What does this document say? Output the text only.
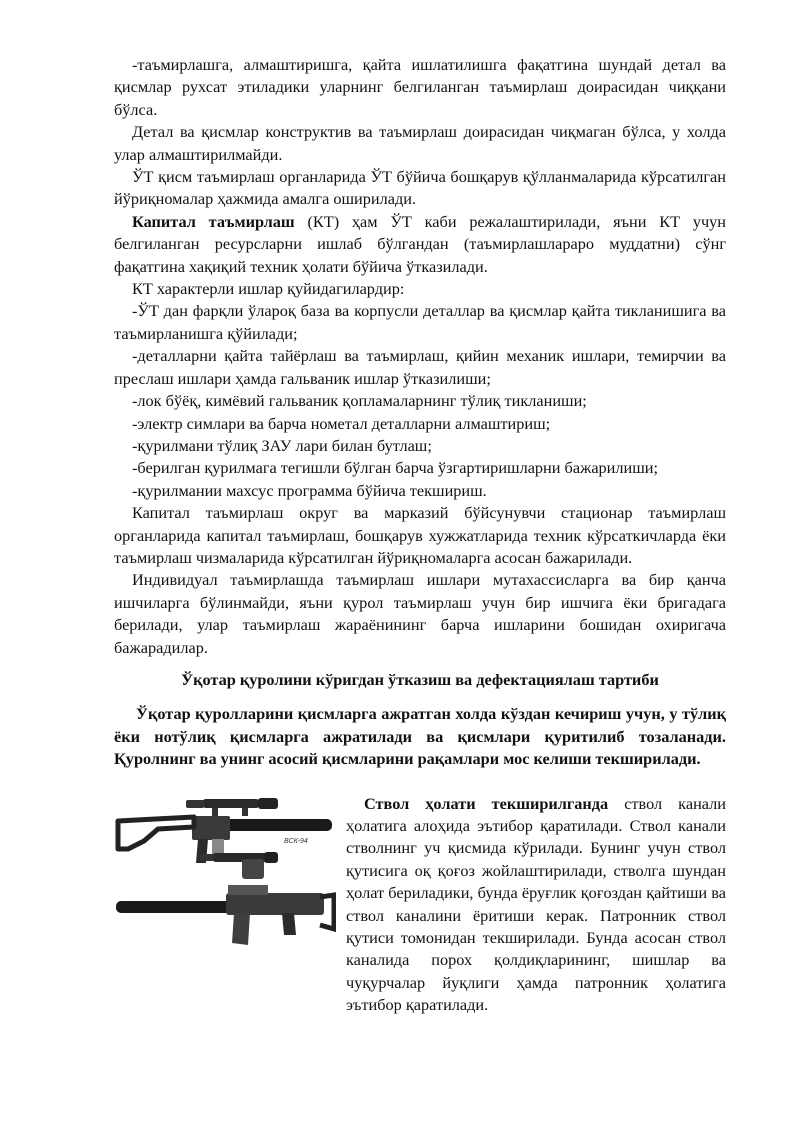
-таъмирлашга, алмаштиришга, қайта ишлатилишга фақатгина шундай детал ва қисмлар рухсат этиладики уларнинг белгиланган таъмирлаш доирасидан чиққани бўлса.

Детал ва қисмлар конструктив ва таъмирлаш доирасидан чиқмаган бўлса, у холда улар алмаштирилмайди.

ЎТ қисм таъмирлаш органларида ЎТ бўйича бошқарув қўлланмаларида кўрсатилган йўриқномалар ҳажмида амалга оширилади.

Капитал таъмирлаш (КТ) ҳам ЎТ каби режалаштирилади, яъни КТ учун белгиланган ресурсларни ишлаб бўлгандан (таъмирлашлараро муддатни) сўнг фақатгина хақиқий техник ҳолати бўйича ўтказилади.

КТ характерли ишлар қуйидагилардир:

-ЎТ дан фарқли ўлароқ база ва корпусли деталлар ва қисмлар қайта тикланишига ва таъмирланишга қўйилади;

-деталларни қайта тайёрлаш ва таъмирлаш, қийин механик ишлари, темирчии ва преслаш ишлари ҳамда гальваник ишлар ўтказилиши;

-лок бўёқ, кимёвий гальваник қопламаларнинг тўлиқ тикланиши;

-электр симлари ва барча нометал деталларни алмаштириш;

-қурилмани тўлиқ ЗАУ лари билан бутлаш;

-берилган қурилмага тегишли бўлган барча ўзгартиришларни бажарилиши;

-қурилмании махсус программа бўйича текшириш.

Капитал таъмирлаш округ ва марказий бўйсунувчи стационар таъмирлаш органларида капитал таъмирлаш, бошқарув хужжатларида техник кўрсаткичларда ёки таъмирлаш чизмаларида кўрсатилган йўриқномаларга асосан бажарилади.

Индивидуал таъмирлашда таъмирлаш ишлари мутахассисларга ва бир қанча ишчиларга бўлинмайди, яъни қурол таъмирлаш учун бир ишчига ёки бригадага берилади, улар таъмирлаш жараёнининг барча ишларини бошидан охиригача бажарадилар.

Ўқотар қуролини кўригдан ўтказиш ва дефектациялаш тартиби

Ўқотар қуролларини қисмларга ажратган холда кўздан кечириш учун, у тўлиқ ёки нотўлиқ қисмларга ажратилади ва қисмлари қуритилиб тозаланади. Қуролнинг ва унинг асосий қисмларини рақамлари мос келиши текширилади.

ВСК-94

Ствол ҳолати текширилганда ствол канали ҳолатига алоҳида эътибор қаратилади. Ствол канали стволнинг уч қисмида кўрилади. Бунинг учун ствол қутисига оқ қоғоз жойлаштирилади, стволга шундан ҳолат бериладики, бунда ёруғлик қоғоздан қайтиши ва ствол каналини ёритиши керак. Патронник ствол қутиси томонидан текширилади. Бунда асосан ствол каналида порох қолдиқларининг, шишлар ва чуқурчалар йуқлиги ҳамда патронник ҳолатига эътибор қаратилади.
